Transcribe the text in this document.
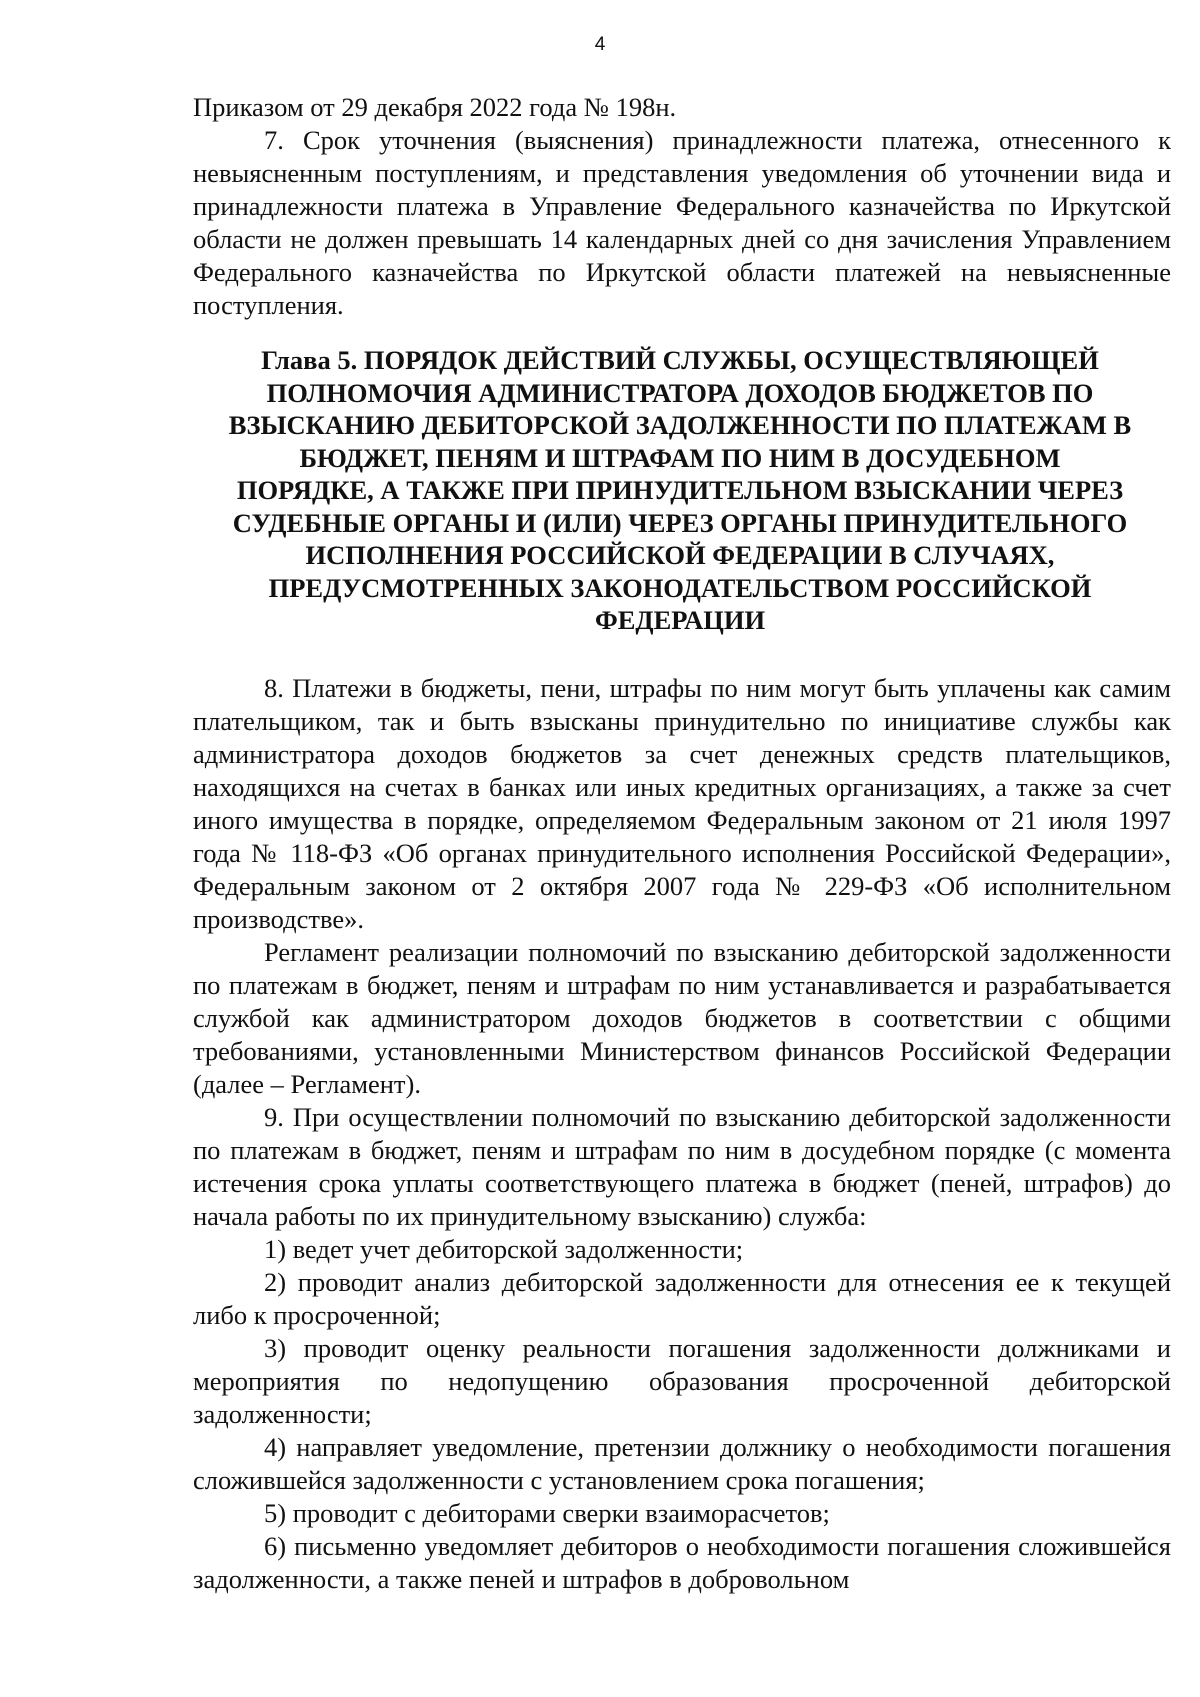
4

Приказом от 29 декабря 2022 года № 198н.

7. Срок уточнения (выяснения) принадлежности платежа, отнесенного к невыясненным поступлениям, и представления уведомления об уточнении вида и принадлежности платежа в Управление Федерального казначейства по Иркутской области не должен превышать 14 календарных дней со дня зачисления Управлением Федерального казначейства по Иркутской области платежей на невыясненные поступления.

Глава 5. ПОРЯДОК ДЕЙСТВИЙ СЛУЖБЫ, ОСУЩЕСТВЛЯЮЩЕЙ
ПОЛНОМОЧИЯ АДМИНИСТРАТОРА ДОХОДОВ БЮДЖЕТОВ ПО
ВЗЫСКАНИЮ ДЕБИТОРСКОЙ ЗАДОЛЖЕННОСТИ ПО ПЛАТЕЖАМ В
БЮДЖЕТ, ПЕНЯМ И ШТРАФАМ ПО НИМ В ДОСУДЕБНОМ
ПОРЯДКЕ, А ТАКЖЕ ПРИ ПРИНУДИТЕЛЬНОМ ВЗЫСКАНИИ ЧЕРЕЗ
СУДЕБНЫЕ ОРГАНЫ И (ИЛИ) ЧЕРЕЗ ОРГАНЫ ПРИНУДИТЕЛЬНОГО
ИСПОЛНЕНИЯ РОССИЙСКОЙ ФЕДЕРАЦИИ В СЛУЧАЯХ,
ПРЕДУСМОТРЕННЫХ ЗАКОНОДАТЕЛЬСТВОМ РОССИЙСКОЙ
ФЕДЕРАЦИИ

8. Платежи в бюджеты, пени, штрафы по ним могут быть уплачены как самим плательщиком, так и быть взысканы принудительно по инициативе службы как администратора доходов бюджетов за счет денежных средств плательщиков, находящихся на счетах в банках или иных кредитных организациях, а также за счет иного имущества в порядке, определяемом Федеральным законом от 21 июля 1997 года № 118-ФЗ «Об органах принудительного исполнения Российской Федерации», Федеральным законом от 2 октября 2007 года № 229-ФЗ «Об исполнительном производстве».

Регламент реализации полномочий по взысканию дебиторской задолженности по платежам в бюджет, пеням и штрафам по ним устанавливается и разрабатывается службой как администратором доходов бюджетов в соответствии с общими требованиями, установленными Министерством финансов Российской Федерации (далее – Регламент).

9. При осуществлении полномочий по взысканию дебиторской задолженности по платежам в бюджет, пеням и штрафам по ним в досудебном порядке (с момента истечения срока уплаты соответствующего платежа в бюджет (пеней, штрафов) до начала работы по их принудительному взысканию) служба:

1) ведет учет дебиторской задолженности;

2) проводит анализ дебиторской задолженности для отнесения ее к текущей либо к просроченной;

3) проводит оценку реальности погашения задолженности должниками и мероприятия по недопущению образования просроченной дебиторской задолженности;

4) направляет уведомление, претензии должнику о необходимости погашения сложившейся задолженности с установлением срока погашения;

5) проводит с дебиторами сверки взаиморасчетов;

6) письменно уведомляет дебиторов о необходимости погашения сложившейся задолженности, а также пеней и штрафов в добровольном
